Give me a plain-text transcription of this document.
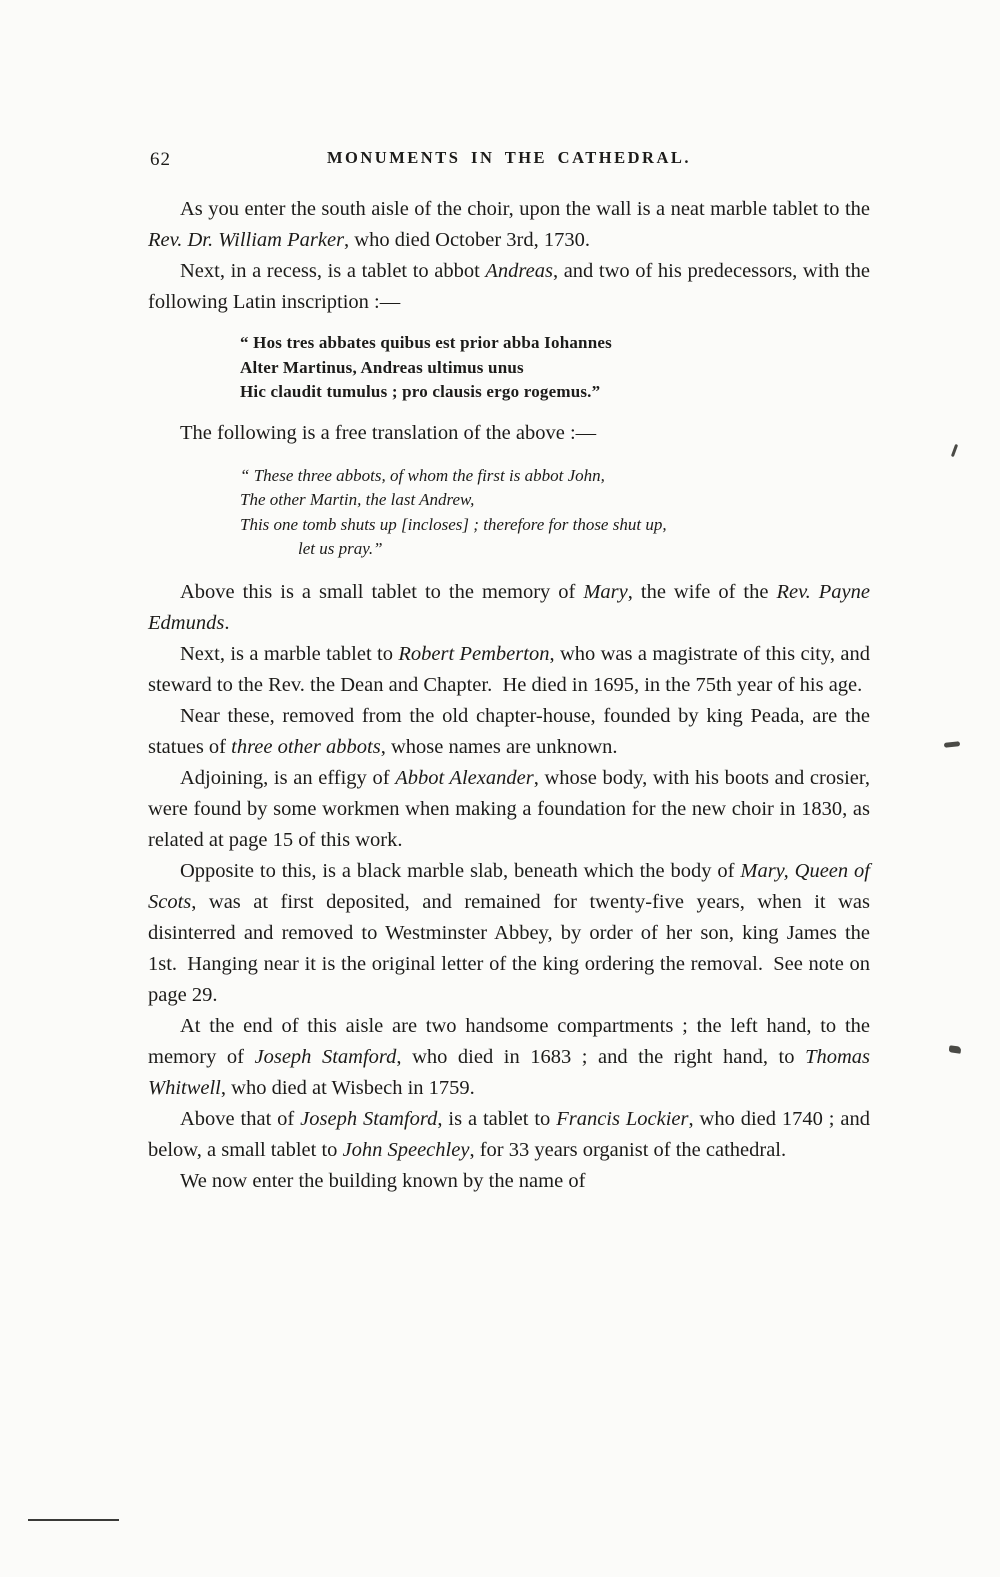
62	MONUMENTS IN THE CATHEDRAL.

As you enter the south aisle of the choir, upon the wall is a neat marble tablet to the Rev. Dr. William Parker, who died October 3rd, 1730.

Next, in a recess, is a tablet to abbot Andreas, and two of his predecessors, with the following Latin inscription :—

“ Hos tres abbates quibus est prior abba Iohannes
Alter Martinus, Andreas ultimus unus
Hic claudit tumulus ; pro clausis ergo rogemus.”

The following is a free translation of the above :—

“ These three abbots, of whom the first is abbot John,
The other Martin, the last Andrew,
This one tomb shuts up [incloses] ; therefore for those shut up,
let us pray.”

Above this is a small tablet to the memory of Mary, the wife of the Rev. Payne Edmunds.

Next, is a marble tablet to Robert Pemberton, who was a magistrate of this city, and steward to the Rev. the Dean and Chapter. He died in 1695, in the 75th year of his age.

Near these, removed from the old chapter-house, founded by king Peada, are the statues of three other abbots, whose names are unknown.

Adjoining, is an effigy of Abbot Alexander, whose body, with his boots and crosier, were found by some workmen when making a foundation for the new choir in 1830, as related at page 15 of this work.

Opposite to this, is a black marble slab, beneath which the body of Mary, Queen of Scots, was at first deposited, and remained for twenty-five years, when it was disinterred and removed to Westminster Abbey, by order of her son, king James the 1st. Hanging near it is the original letter of the king ordering the removal. See note on page 29.

At the end of this aisle are two handsome compartments ; the left hand, to the memory of Joseph Stamford, who died in 1683 ; and the right hand, to Thomas Whitwell, who died at Wisbech in 1759.

Above that of Joseph Stamford, is a tablet to Francis Lockier, who died 1740 ; and below, a small tablet to John Speechley, for 33 years organist of the cathedral.

We now enter the building known by the name of
